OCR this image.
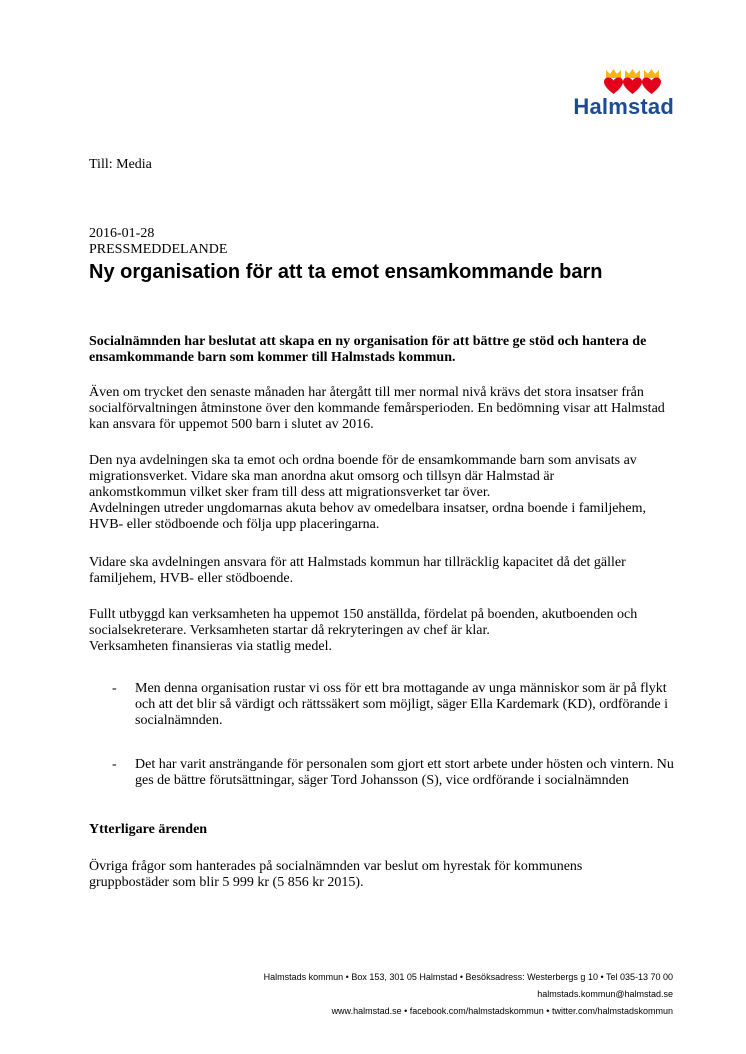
Halmstad
Till: Media
2016-01-28
PRESSMEDDELANDE
Ny organisation för att ta emot ensamkommande barn
Socialnämnden har beslutat att skapa en ny organisation för att bättre ge stöd och hantera de ensamkommande barn som kommer till Halmstads kommun.
Även om trycket den senaste månaden har återgått till mer normal nivå krävs det stora insatser från socialförvaltningen åtminstone över den kommande femårsperioden. En bedömning visar att Halmstad kan ansvara för uppemot 500 barn i slutet av 2016.
Den nya avdelningen ska ta emot och ordna boende för de ensamkommande barn som anvisats av migrationsverket. Vidare ska man anordna akut omsorg och tillsyn där Halmstad är ankomstkommun vilket sker fram till dess att migrationsverket tar över.
Avdelningen utreder ungdomarnas akuta behov av omedelbara insatser, ordna boende i familjehem, HVB- eller stödboende och följa upp placeringarna.
Vidare ska avdelningen ansvara för att Halmstads kommun har tillräcklig kapacitet då det gäller familjehem, HVB- eller stödboende.
Fullt utbyggd kan verksamheten ha uppemot 150 anställda, fördelat på boenden, akutboenden och socialsekreterare. Verksamheten startar då rekryteringen av chef är klar.
Verksamheten finansieras via statlig medel.
- Men denna organisation rustar vi oss för ett bra mottagande av unga människor som är på flykt och att det blir så värdigt och rättssäkert som möjligt, säger Ella Kardemark (KD), ordförande i socialnämnden.
- Det har varit ansträngande för personalen som gjort ett stort arbete under hösten och vintern. Nu ges de bättre förutsättningar, säger Tord Johansson (S), vice ordförande i socialnämnden
Ytterligare ärenden
Övriga frågor som hanterades på socialnämnden var beslut om hyrestak för kommunens gruppbostäder som blir 5 999 kr (5 856 kr 2015).
Halmstads kommun • Box 153, 301 05 Halmstad • Besöksadress: Westerbergs g 10 • Tel 035-13 70 00
halmstads.kommun@halmstad.se
www.halmstad.se • facebook.com/halmstadskommun • twitter.com/halmstadskommun
